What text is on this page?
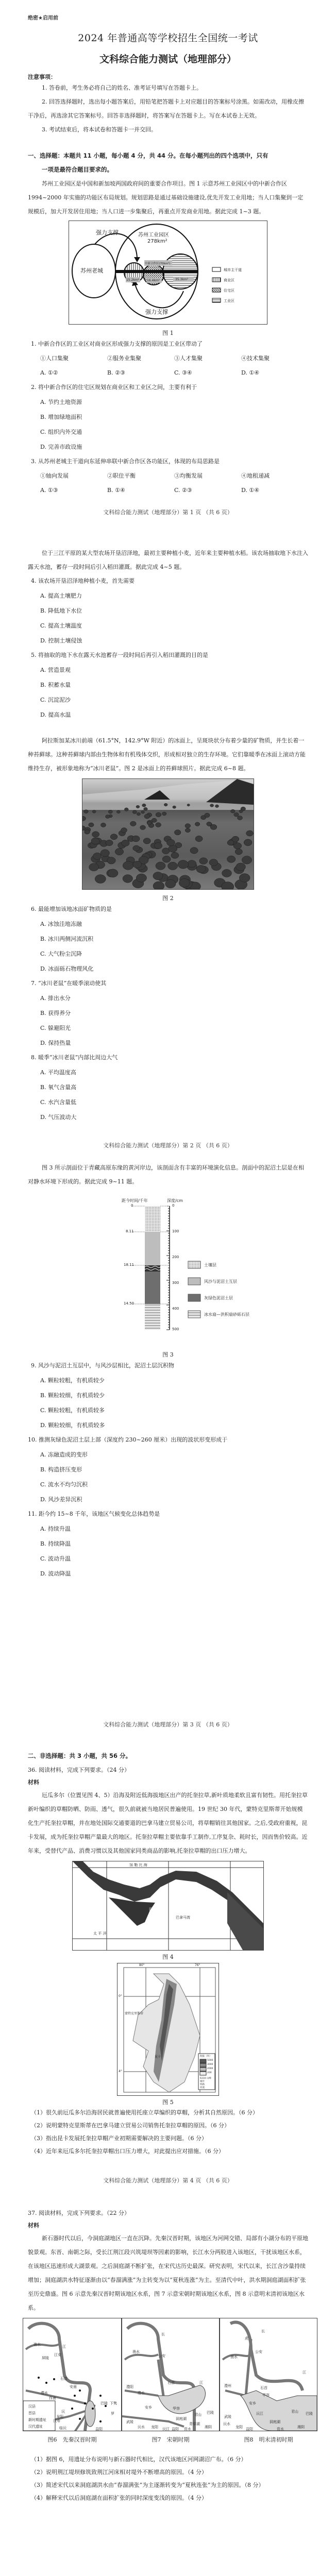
绝密★启用前
2024 年普通高等学校招生全国统一考试
文科综合能力测试（地理部分）
注意事项：

1. 答卷前，考生务必将自己的姓名、准考证号填写在答题卡上。

2. 回答选择题时，选出每小题答案后，用铅笔把答题卡上对应题目的答案标号涂黑。如需改动，用橡皮擦干净后，再选涂其它答案标号。回答非选择题时，将答案写在答题卡上。写在本试卷上无效。

3. 考试结束后，将本试卷和答题卡一并交回。

一、选择题：本题共 11 小题，每小题 4 分，共 44 分。在每小题列出的四个选项中，只有
一项是最符合题目要求的。

苏州工业园区是中国和新加坡两国政府间的重要合作项目。图 1 示意苏州工业园区中的中新合作区 1994~2000 年实施的功能区布局规划。规划思路是通过基础设施建设,优先开发工业用地；当人口集聚到一定规模后，加大开发居住用地；当人口进一步集聚后，再重点开发商业用地。据此完成 1~3 题。

强力支撑
强力支撑
苏州老城
苏州工业园区
278km²
中新合作区(70km²)
15.2km² 16.4km²	35.3km²
城市主干道
商业区
住宅区
工业区
图 1

1. 中新合作区的工业区对商业区形成强力支撑的原因是工业区带动了

①人口集聚	②服务业集聚	③人才集聚	④技术集聚
A. ①②	B. ②③	C. ③④	D. ①④

2. 将中新合作区的住宅区规划在商业区和工业区之间，主要有利于

A. 节约土地资源
B. 增加绿地面积
C. 组织内外交通
D. 完善市政设施

3. 从苏州老城主干道向东延伸串联中新合作区各功能区，体现的布局思路是

①轴向发展	②职住平衡	③均衡发展	④地租递减
A. ①③	B. ①④	C. ②③	D. ①④
文科综合能力测试（地理部分）第 1 页 （共 6 页）

位于三江平原的某大型农场开垦沼泽地，最初主要种植小麦，近年来主要种植水稻。该农场抽取地下水注入露天水池，蓄存一段时间后引入稻田灌溉。据此完成 4~5 题。

4. 该农场开垦沼泽地种植小麦，首先需要

A. 提高土壤肥力
B. 降低地下水位
C. 提高土壤温度
D. 控制土壤侵蚀

5. 将抽取的地下水在露天水池蓄存一段时间后再引入稻田灌溉的目的是

A. 营造景观
B. 积蓄水量
C. 沉淀泥沙
D. 提高水温

阿拉斯加某冰川前端（61.5°N，142.9°W 附近）的冰面上，呈斑块状分布着少量的矿物质，并生长着一种苔藓球。这种苔藓球内部由生物体和有机残体交织，形成相对独立的生存环境。它们靠暖季在冰面上滚动方能维持生存，被形象地称为“冰川老鼠”。图 2 是冰面上的苔藓球照片。据此完成 6~8 题。

图 2

6. 最能增加该地冰面矿物质的是

A. 冰蚀洼地冻融
B. 冰川两侧河流沉积
C. 大气粉尘沉降
D. 冰面砾石物理风化

7. “冰川老鼠”在暖季滚动使其

A. 排出水分
B. 获得养分
C. 躲避阳光
D. 保持热量

8. 暖季“冰川老鼠”内部比周边大气

A. 平均温度高
B. 氧气含量高
C. 水汽含量低
D. 气压波动大
文科综合能力测试（地理部分）第 2 页 （共 6 页）

图 3 所示剖面位于青藏高原东缘的黄河岸边，该剖面含有丰富的环境演化信息。剖面中的泥沼土层是在相对静水环境下形成的。据此完成 9~11 题。

距今时间/千年	深度/cm
0
8.11
18.11
14.50
0
100
200
300
400
500
土壤层
风沙与泥沼土互层
灰绿色泥沼土层
冰水扇—洪积扇砂砾石层
图 3

9. 风沙与泥沼土互层中，与风沙层相比，泥沼土层沉积物

A. 颗粒较粗，有机质较少
B. 颗粒较细，有机质较少
C. 颗粒较粗，有机质较多
D. 颗粒较细，有机质较多

10. 推测灰绿色泥沼土层上部（深度约 230~260 厘米）出现的波状形变形成于

A. 冻融造成的变形
B. 构造挤压变形
C. 流水不均匀沉积
D. 风沙差异沉积

11. 距今约 15~8 千年，该地区气候变化总体趋势是

A. 持续升温
B. 持续降温
C. 波动升温
D. 波动降温
文科综合能力测试（地理部分）第 3 页 （共 6 页）
二、非选择题：共 3 小题，共 56 分。

36. 阅读材料，完成下列要求。（24 分）

材料

厄瓜多尔（位置见图 4、5）沿海及附近低海拔地区出产的托奎拉草,新叶质地柔软且富有韧性。用托奎拉草新叶编织的草帽防晒、防雨、透气，很久前就被当地居民普遍使用。19 世纪 30 年代，蒙特克里斯蒂开始规模化生产托奎拉草帽，并在地处国际交通要道的巴拿马建立贸易公司，将草帽销往其他国家。之后,受政府重视，昆卡发展，成为托奎拉草帽产量最大的地区。托奎拉草帽主要依靠手工制作,工序复杂、耗时长，因而售价较高。近年来，受替代产品、消费习惯以及其他国家同类商品的影响,托奎拉草帽的出口压力增大。

加 勒 比 海
巴拿马
巴拿马湾
太 平 洋
图 4
80°	76°
0°
4°
蒙特克里斯蒂
昆卡	海拔（米）
5000
3000
2000
200
6310 山峰
城市
铁路
河流
图 5

（1）很久前厄瓜多尔沿海居民就普遍使用托座立草编织的草帽，分析其自然原因。（6 分）

（2）说明蒙特克里斯蒂在巴拿马建立贸易公司销售托奎拉草帽的原因。（6 分）

（3）指出昆卡发展托奎拉草帽产业初期需要解决的主要问题。（6 分）

（4）近年来厄瓜多尔托奎拉草帽出口压力增大，对此提出应对措施。（6 分）

文科综合能力测试（地理部分）第 4 页 （共 6 页）

37. 阅读材料，完成下列要求。（22 分）

材料

新石器时代以后，今洞庭湖地区一直在沉降。先秦汉晋时期，该地区为河网交错、局部有小湖分布的平原地貌景观。东晋、南朝之际，受长江荆江段兴筑堤坝等因素的影响，长江水分两股进入该地区，干扰该地区水系，在该地区迅速形成大湖景观。之后洞庭湖不断扩张，在宋代达历史最深。研究表明，宋代以来，长江含沙量持续增加；洞庭湖洪水特征逐渐由以“春溜满涨”为主转变为以“夏秋连涨”为主。至清代中叶，洪水期洞庭湖面积扩张至历史鼎盛。图 6 示意先秦汉晋时期该地区水系，图 7 示意宋朝时期该地区水系，图 8 示意明末清初该地区水系。

渔水	江
江安
屏陵
石首
安南
澧水
作唐
汉寿
临沅
沅
龙阳
益阳
罗
巴陵 下隽
汉县
晋县
新时期遗址
汉代遗址
图6　先秦汉晋时期
长
渔水
公安
江
石首
澧阳
澧水
安乡	华容
君山 巴陵
洞庭湖
青草湖
武陵
沅水 龙阳 沅江 益阳	湘阴
资水
图7　宋朝时期
长
虎
公安
渔水
江
澧州	石首
华容
安乡
君山 巴陵
洞庭湖
武陵
沅水
龙阳
沅江
益阳	湘阴
资水
图8　明末清初时期

（1）据图 6，用遗址分布说明与新石器时代相比，汉代该地区河网湖沼广布。（6 分）

（2）说明荆江堤坝修筑致荆江河床相对堤外不断增高的原因。（4 分）

（3）简述宋代以来洞庭湖洪水由“春溜满张”为主逐渐转变为“夏秋连张”为主的原因。（8 分）

（4）解释宋代以后洞庭湖在面积扩张的同时深度变浅的原因。（4 分）
